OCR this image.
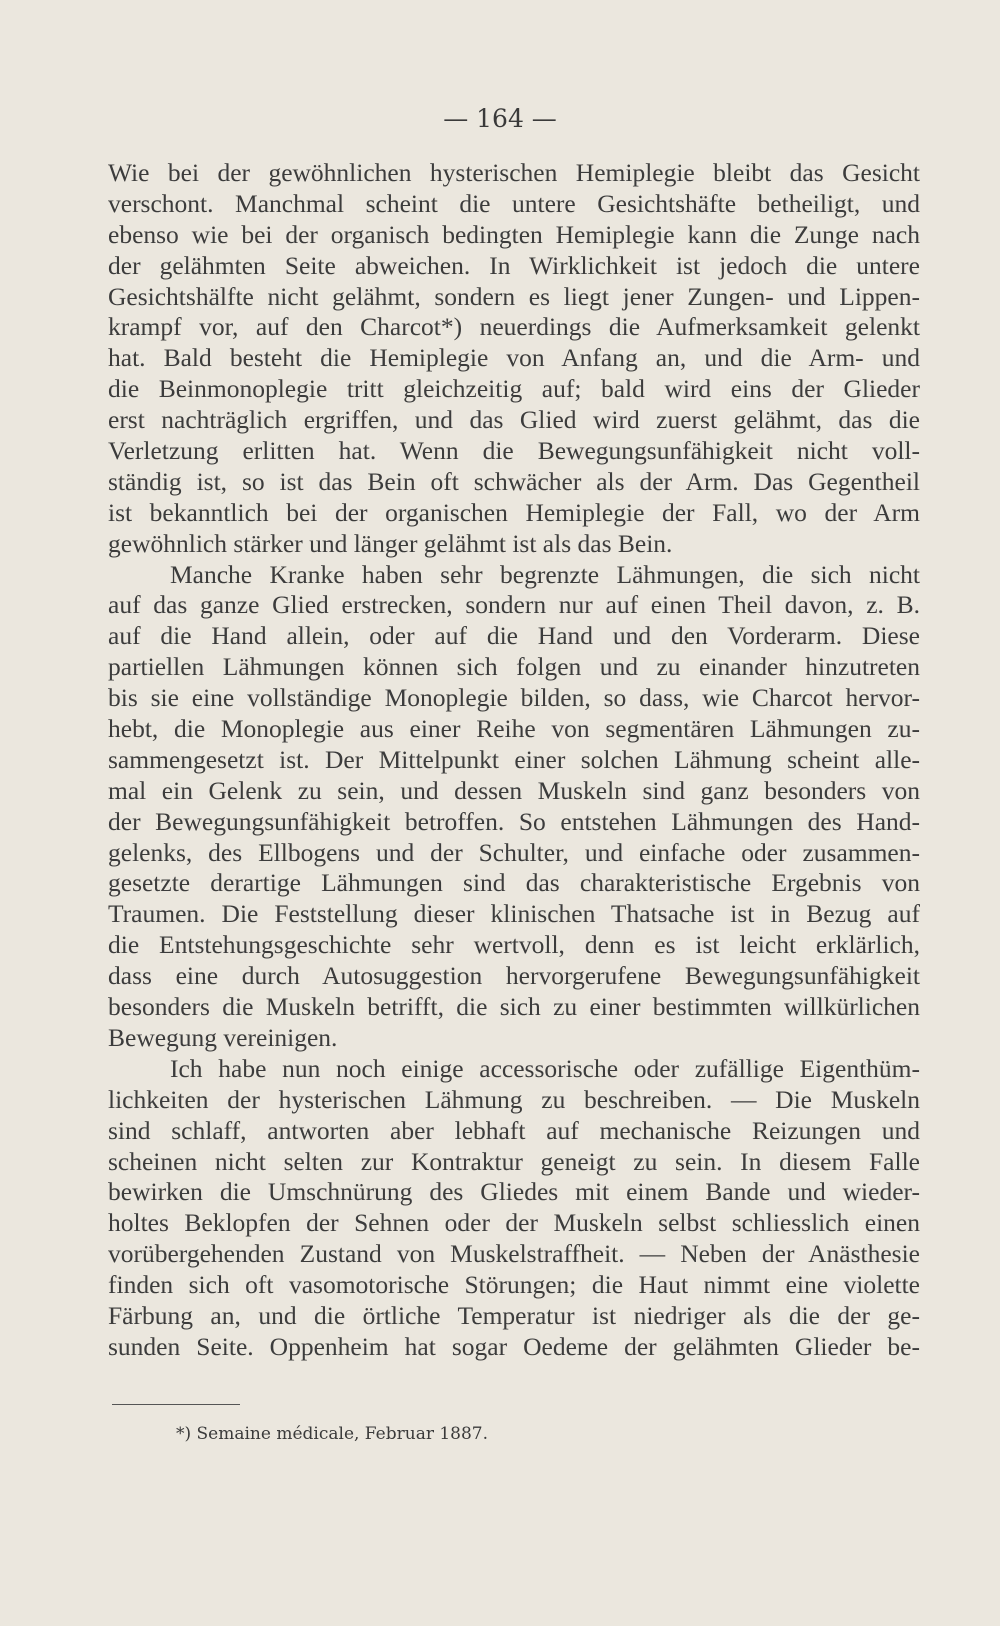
— 164 —
Wie bei der gewöhnlichen hysterischen Hemiplegie bleibt das Gesicht
verschont. Manchmal scheint die untere Gesichtshäfte betheiligt, und
ebenso wie bei der organisch bedingten Hemiplegie kann die Zunge nach
der gelähmten Seite abweichen. In Wirklichkeit ist jedoch die untere
Gesichtshälfte nicht gelähmt, sondern es liegt jener Zungen- und Lippen-
krampf vor, auf den Charcot*) neuerdings die Aufmerksamkeit gelenkt
hat. Bald besteht die Hemiplegie von Anfang an, und die Arm- und
die Beinmonoplegie tritt gleichzeitig auf; bald wird eins der Glieder
erst nachträglich ergriffen, und das Glied wird zuerst gelähmt, das die
Verletzung erlitten hat. Wenn die Bewegungsunfähigkeit nicht voll-
ständig ist, so ist das Bein oft schwächer als der Arm. Das Gegentheil
ist bekanntlich bei der organischen Hemiplegie der Fall, wo der Arm
gewöhnlich stärker und länger gelähmt ist als das Bein.
Manche Kranke haben sehr begrenzte Lähmungen, die sich nicht
auf das ganze Glied erstrecken, sondern nur auf einen Theil davon, z. B.
auf die Hand allein, oder auf die Hand und den Vorderarm. Diese
partiellen Lähmungen können sich folgen und zu einander hinzutreten
bis sie eine vollständige Monoplegie bilden, so dass, wie Charcot hervor-
hebt, die Monoplegie aus einer Reihe von segmentären Lähmungen zu-
sammengesetzt ist. Der Mittelpunkt einer solchen Lähmung scheint alle-
mal ein Gelenk zu sein, und dessen Muskeln sind ganz besonders von
der Bewegungsunfähigkeit betroffen. So entstehen Lähmungen des Hand-
gelenks, des Ellbogens und der Schulter, und einfache oder zusammen-
gesetzte derartige Lähmungen sind das charakteristische Ergebnis von
Traumen. Die Feststellung dieser klinischen Thatsache ist in Bezug auf
die Entstehungsgeschichte sehr wertvoll, denn es ist leicht erklärlich,
dass eine durch Autosuggestion hervorgerufene Bewegungsunfähigkeit
besonders die Muskeln betrifft, die sich zu einer bestimmten willkürlichen
Bewegung vereinigen.
Ich habe nun noch einige accessorische oder zufällige Eigenthüm-
lichkeiten der hysterischen Lähmung zu beschreiben. — Die Muskeln
sind schlaff, antworten aber lebhaft auf mechanische Reizungen und
scheinen nicht selten zur Kontraktur geneigt zu sein. In diesem Falle
bewirken die Umschnürung des Gliedes mit einem Bande und wieder-
holtes Beklopfen der Sehnen oder der Muskeln selbst schliesslich einen
vorübergehenden Zustand von Muskelstraffheit. — Neben der Anästhesie
finden sich oft vasomotorische Störungen; die Haut nimmt eine violette
Färbung an, und die örtliche Temperatur ist niedriger als die der ge-
sunden Seite. Oppenheim hat sogar Oedeme der gelähmten Glieder be-
*) Semaine médicale, Februar 1887.
